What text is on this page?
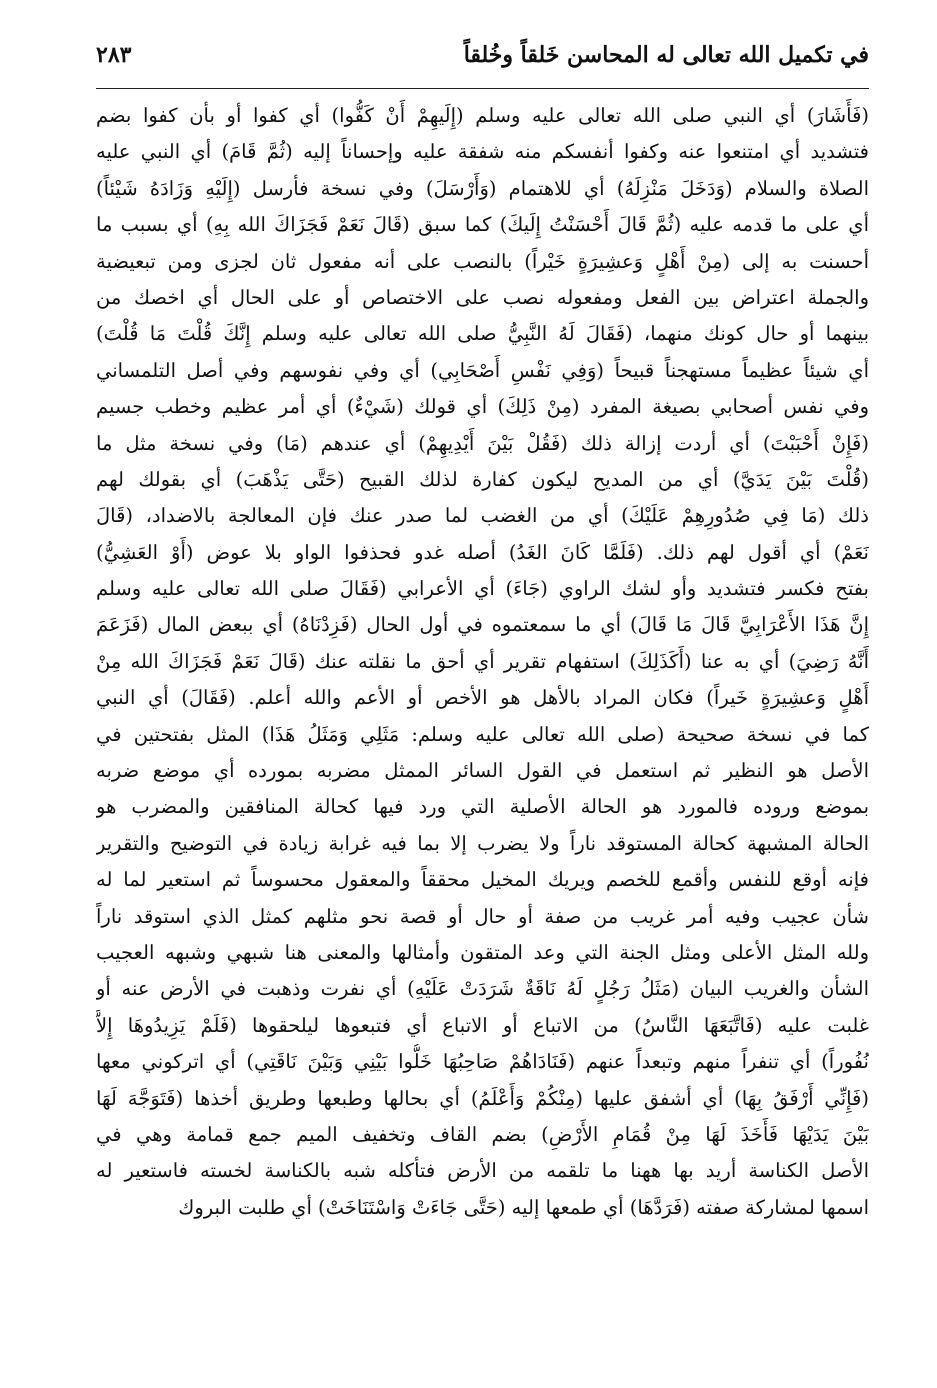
في تكميل الله تعالى له المحاسن خَلقاً وخُلقاً
٢٨٣
(فَأَشَارَ) أي النبي صلى الله تعالى عليه وسلم (إِلَيهِمْ أَنْ كَفُّوا) أي كفوا أو بأن كفوا بضم
فتشديد أي امتنعوا عنه وكفوا أنفسكم منه شفقة عليه وإحساناً إليه (ثُمَّ قَامَ) أي النبي عليه
الصلاة والسلام (وَدَخَلَ مَنْزِلَهُ) أي للاهتمام (وَأَرْسَلَ) وفي نسخة فأرسل (إِلَيْهِ وَزَادَهُ شَيْئاً)
أي على ما قدمه عليه (ثُمَّ قَالَ أَحْسَنْتُ إِلَيكَ) كما سبق (قَالَ نَعَمْ فَجَزَاكَ الله بِهِ) أي بسبب ما
أحسنت به إلى (مِنْ أَهْلٍ وَعشِيرَةٍ خَيْراً) بالنصب على أنه مفعول ثان لجزى ومن تبعيضية
والجملة اعتراض بين الفعل ومفعوله نصب على الاختصاص أو على الحال أي اخصك من
بينهما أو حال كونك منهما، (فَقَالَ لَهُ النَّبِيُّ صلى الله تعالى عليه وسلم إِنَّكَ قُلْتَ مَا قُلْتَ)
أي شيئاً عظيماً مستهجناً قبيحاً (وَفِي نَفْسِ أَصْحَابِي) أي وفي نفوسهم وفي أصل التلمساني
وفي نفس أصحابي بصيغة المفرد (مِنْ ذَلِكَ) أي قولك (شَيْءٌ) أي أمر عظيم وخطب جسيم
(فَإِنْ أَحْبَبْتَ) أي أردت إزالة ذلك (فَقُلْ بَيْنَ أَيْدِيهِمْ) أي عندهم (مَا) وفي نسخة مثل ما
(قُلْتَ بَيْنَ يَدَيَّ) أي من المديح ليكون كفارة لذلك القبيح (حَتَّى يَذْهَبَ) أي بقولك لهم
ذلك (مَا فِي صُدُورِهِمْ عَلَيْكَ) أي من الغضب لما صدر عنك فإن المعالجة بالاضداد، (قَالَ
نَعَمْ) أي أقول لهم ذلك. (فَلَمَّا كَانَ الغَدُ) أصله غدو فحذفوا الواو بلا عوض (أَوْ العَشِيُّ)
بفتح فكسر فتشديد وأو لشك الراوي (جَاءَ) أي الأعرابي (فَقَالَ صلى الله تعالى عليه وسلم
إِنَّ هَذَا الأَعْرَابِيَّ قَالَ مَا قَالَ) أي ما سمعتموه في أول الحال (فَزِدْنَاهُ) أي ببعض المال (فَزَعَمَ
أَنَّهُ رَضِيَ) أي به عنا (أَكَذَلِكَ) استفهام تقرير أي أحق ما نقلته عنك (قَالَ نَعَمْ فَجَزَاكَ الله مِنْ
أَهْلٍ وَعشِيرَةٍ خَيراً) فكان المراد بالأهل هو الأخص أو الأعم والله أعلم. (فَقَالَ) أي النبي
كما في نسخة صحيحة (صلى الله تعالى عليه وسلم: مَثَلِي وَمَثَلُ هَذَا) المثل بفتحتين في
الأصل هو النظير ثم استعمل في القول السائر الممثل مضربه بمورده أي موضع ضربه
بموضع وروده فالمورد هو الحالة الأصلية التي ورد فيها كحالة المنافقين والمضرب هو
الحالة المشبهة كحالة المستوقد ناراً ولا يضرب إلا بما فيه غرابة زيادة في التوضيح والتقرير
فإنه أوقع للنفس وأقمع للخصم ويريك المخيل محققاً والمعقول محسوساً ثم استعير لما له
شأن عجيب وفيه أمر غريب من صفة أو حال أو قصة نحو مثلهم كمثل الذي استوقد ناراً
ولله المثل الأعلى ومثل الجنة التي وعد المتقون وأمثالها والمعنى هنا شبهي وشبهه العجيب
الشأن والغريب البيان (مَثَلُ رَجُلٍ لَهُ نَاقَةٌ شَرَدَتْ عَلَيْهِ) أي نفرت وذهبت في الأرض عنه أو
غلبت عليه (فَاتَّبَعَهَا النَّاسُ) من الاتباع أو الاتباع أي فتبعوها ليلحقوها (فَلَمْ يَزِيدُوهَا إِلاَّ
نُفُوراً) أي تنفراً منهم وتبعداً عنهم (فَنَادَاهُمْ صَاحِبُهَا خَلُّوا بَيْنِي وَبَيْنَ نَاقَتِي) أي اتركوني معها
(فَإِنِّي أَرْفَقُ بِهَا) أي أشفق عليها (مِنْكُمْ وَأَعْلَمُ) أي بحالها وطبعها وطريق أخذها (فَتَوَجَّهَ لَهَا
بَيْنَ يَدَيْهَا فَأَخَذَ لَهَا مِنْ قُمَامِ الأَرْضِ) بضم القاف وتخفيف الميم جمع قمامة وهي في
الأصل الكناسة أريد بها ههنا ما تلقمه من الأرض فتأكله شبه بالكناسة لخسته فاستعير له
اسمها لمشاركة صفته (فَرَدَّهَا) أي طمعها إليه (حَتَّى جَاءَتْ وَاسْتَنَاخَتْ) أي طلبت البروك
